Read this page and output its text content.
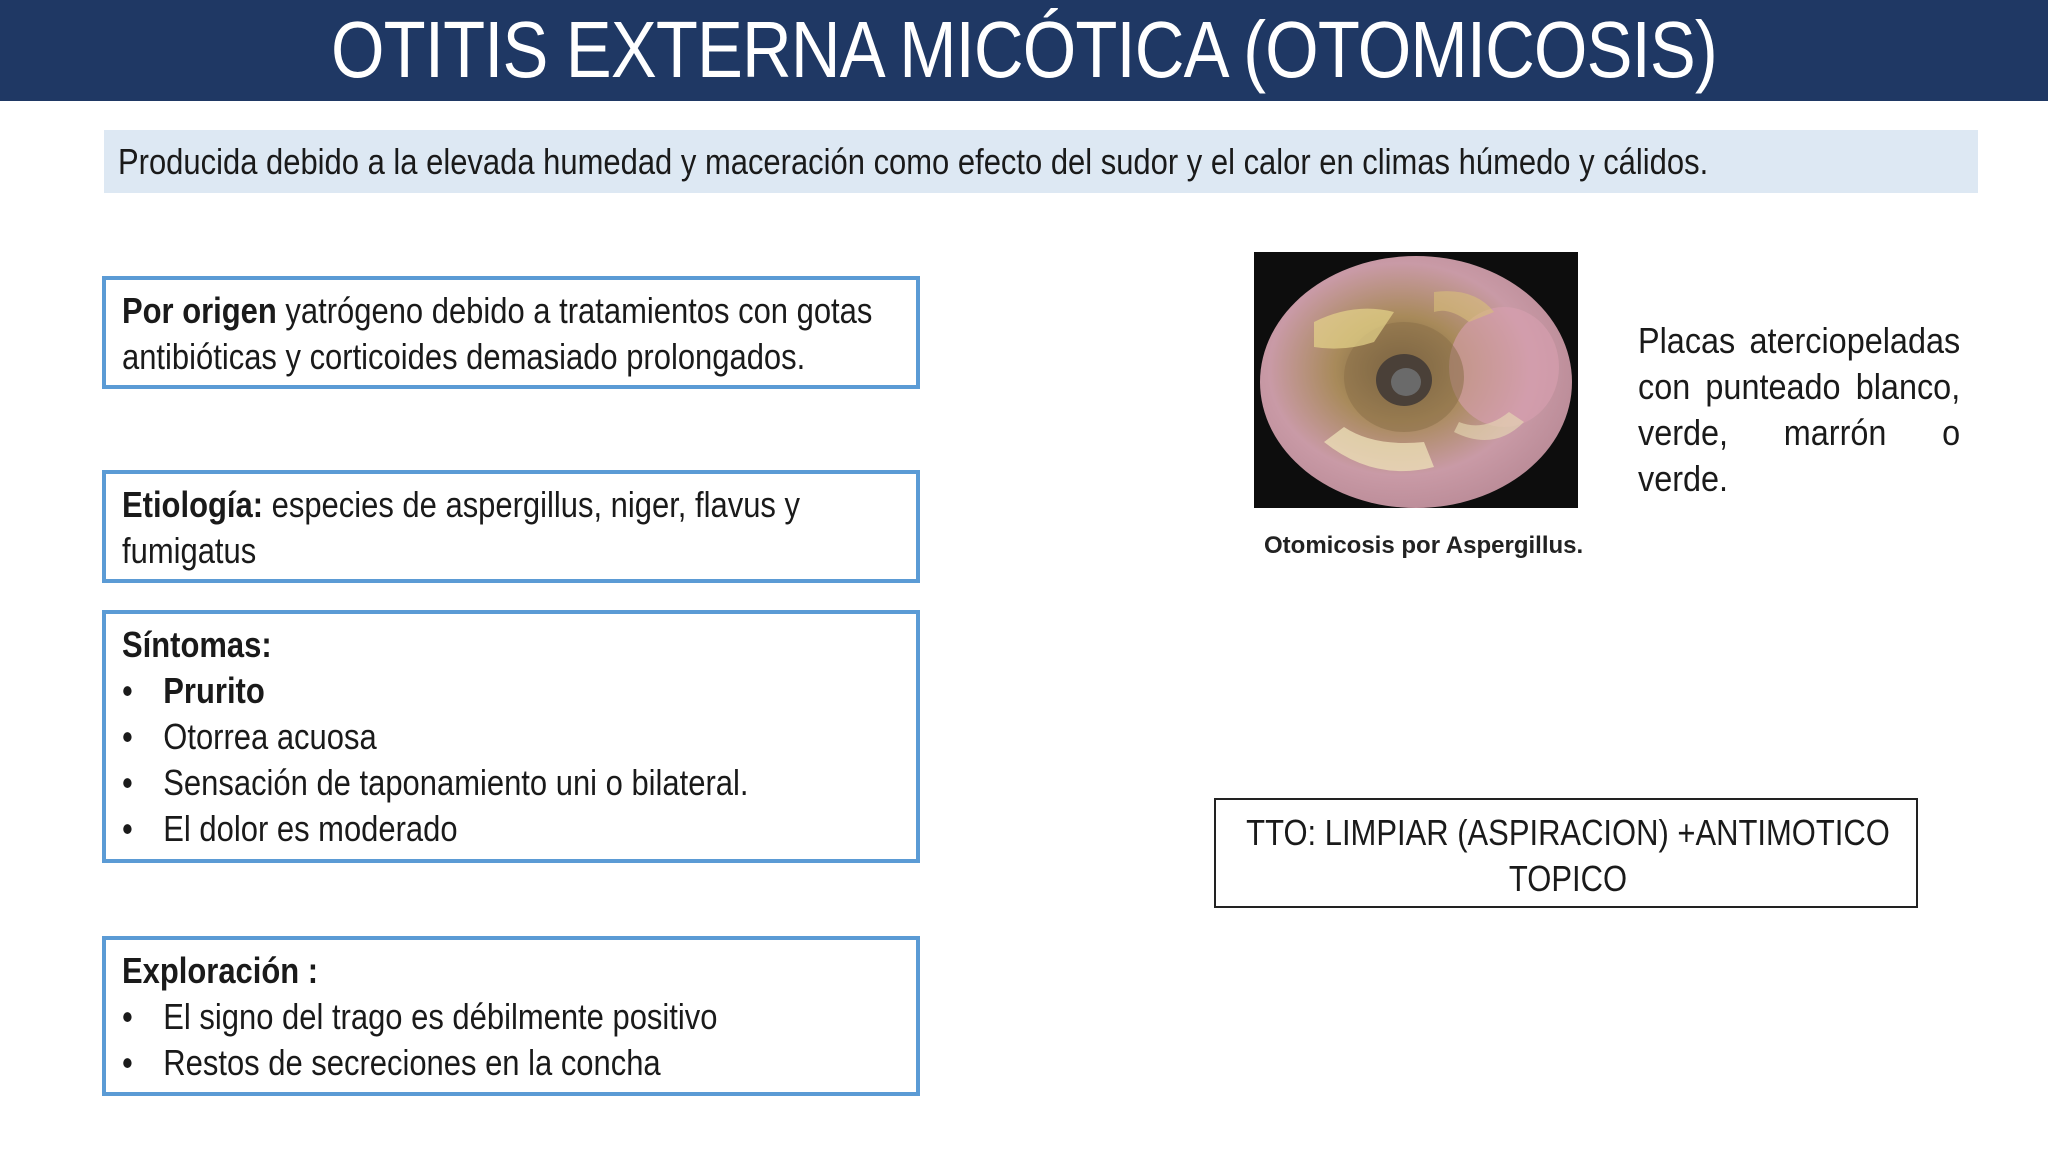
OTITIS EXTERNA MICÓTICA (OTOMICOSIS)
Producida debido a la elevada humedad y maceración como efecto del sudor y el calor en climas húmedo y cálidos.
Por origen yatrógeno debido a tratamientos con gotas antibióticas y corticoides demasiado prolongados.
Etiología: especies de aspergillus, niger, flavus y fumigatus
Síntomas:
• Prurito
• Otorrea acuosa
• Sensación de taponamiento uni o bilateral.
• El dolor es moderado
Exploración :
• El signo del trago es débilmente positivo
• Restos de secreciones en la concha
Otomicosis por Aspergillus.
Placas aterciopeladas con punteado blanco, verde, marrón o verde.
TTO: LIMPIAR (ASPIRACION) +ANTIMOTICO TOPICO
